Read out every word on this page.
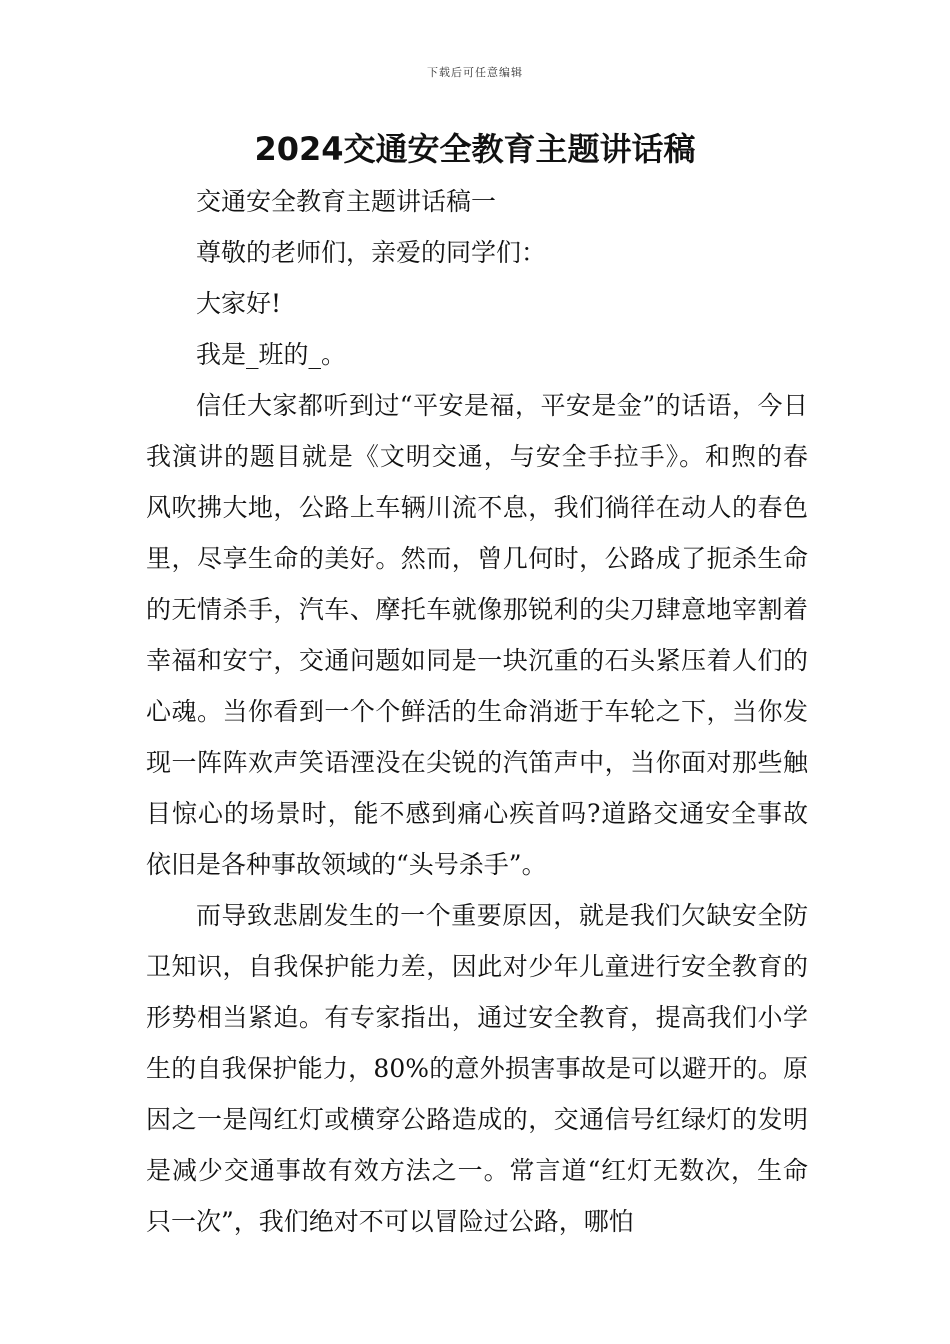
下载后可任意编辑
2024交通安全教育主题讲话稿

交通安全教育主题讲话稿一

尊敬的老师们，亲爱的同学们：

大家好!

我是_班的_。

信任大家都听到过“平安是福，平安是金”的话语，今日我演讲的题目就是《文明交通，与安全手拉手》。和煦的春风吹拂大地，公路上车辆川流不息，我们徜徉在动人的春色里，尽享生命的美好。然而，曾几何时，公路成了扼杀生命的无情杀手，汽车、摩托车就像那锐利的尖刀肆意地宰割着幸福和安宁，交通问题如同是一块沉重的石头紧压着人们的心魂。当你看到一个个鲜活的生命消逝于车轮之下，当你发现一阵阵欢声笑语湮没在尖锐的汽笛声中，当你面对那些触目惊心的场景时，能不感到痛心疾首吗?道路交通安全事故依旧是各种事故领域的“头号杀手”。

而导致悲剧发生的一个重要原因，就是我们欠缺安全防卫知识，自我保护能力差，因此对少年儿童进行安全教育的形势相当紧迫。有专家指出，通过安全教育，提高我们小学生的自我保护能力，80%的意外损害事故是可以避开的。原因之一是闯红灯或横穿公路造成的，交通信号红绿灯的发明是减少交通事故有效方法之一。常言道“红灯无数次，生命只一次”，我们绝对不可以冒险过公路，哪怕
